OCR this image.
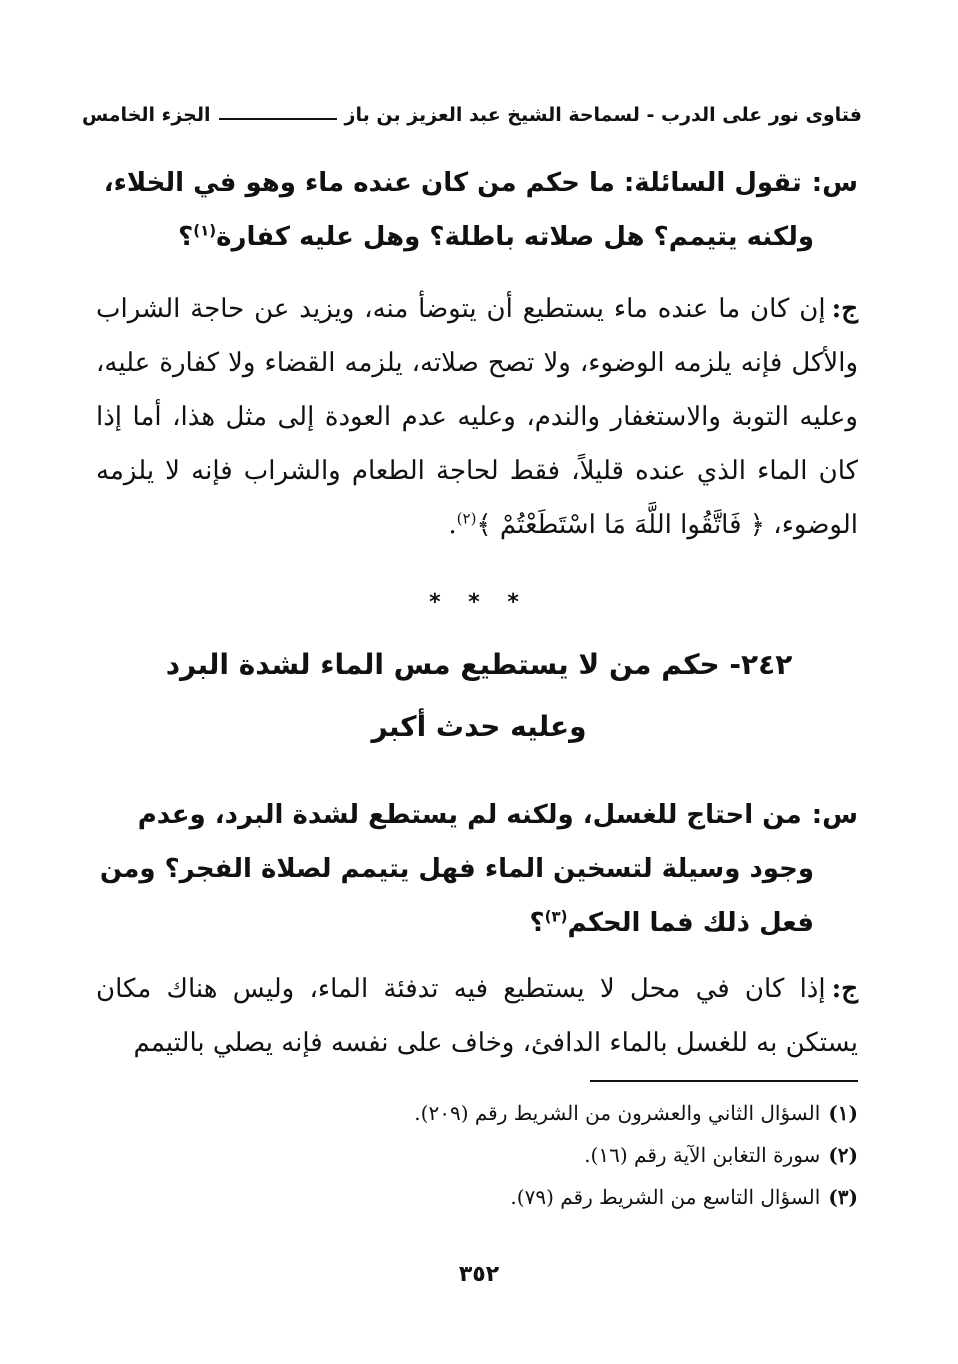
فتاوى نور على الدرب - لسماحة الشيخ عبد العزيز بن باز
الجزء الخامس
س:تقول السائلة: ما حكم من كان عنده ماء وهو في الخلاء،
ولكنه يتيمم؟ هل صلاته باطلة؟ وهل عليه كفارة$^{(١)}$؟
ج:إن كان ما عنده ماء يستطيع أن يتوضأ منه، ويزيد عن حاجة الشراب والأكل فإنه يلزمه الوضوء، ولا تصح صلاته، يلزمه القضاء ولا كفارة عليه، وعليه التوبة والاستغفار والندم، وعليه عدم العودة إلى مثل هذا، أما إذا كان الماء الذي عنده قليلاً، فقط لحاجة الطعام والشراب فإنه لا يلزمه الوضوء، ﴿ فَاتَّقُوا اللَّهَ مَا اسْتَطَعْتُمْ ﴾$^{(٢)}$.
* * *
٢٤٢- حكم من لا يستطيع مس الماء لشدة البرد
وعليه حدث أكبر
س:من احتاج للغسل، ولكنه لم يستطع لشدة البرد، وعدم
وجود وسيلة لتسخين الماء فهل يتيمم لصلاة الفجر؟ ومن
فعل ذلك فما الحكم$^{(٣)}$؟
ج:إذا كان في محل لا يستطيع فيه تدفئة الماء، وليس هناك مكان يستكن به للغسل بالماء الدافئ، وخاف على نفسه فإنه يصلي بالتيمم
(١)السؤال الثاني والعشرون من الشريط رقم (٢٠٩).
(٢)سورة التغابن الآية رقم (١٦).
(٣)السؤال التاسع من الشريط رقم (٧٩).
٣٥٢
